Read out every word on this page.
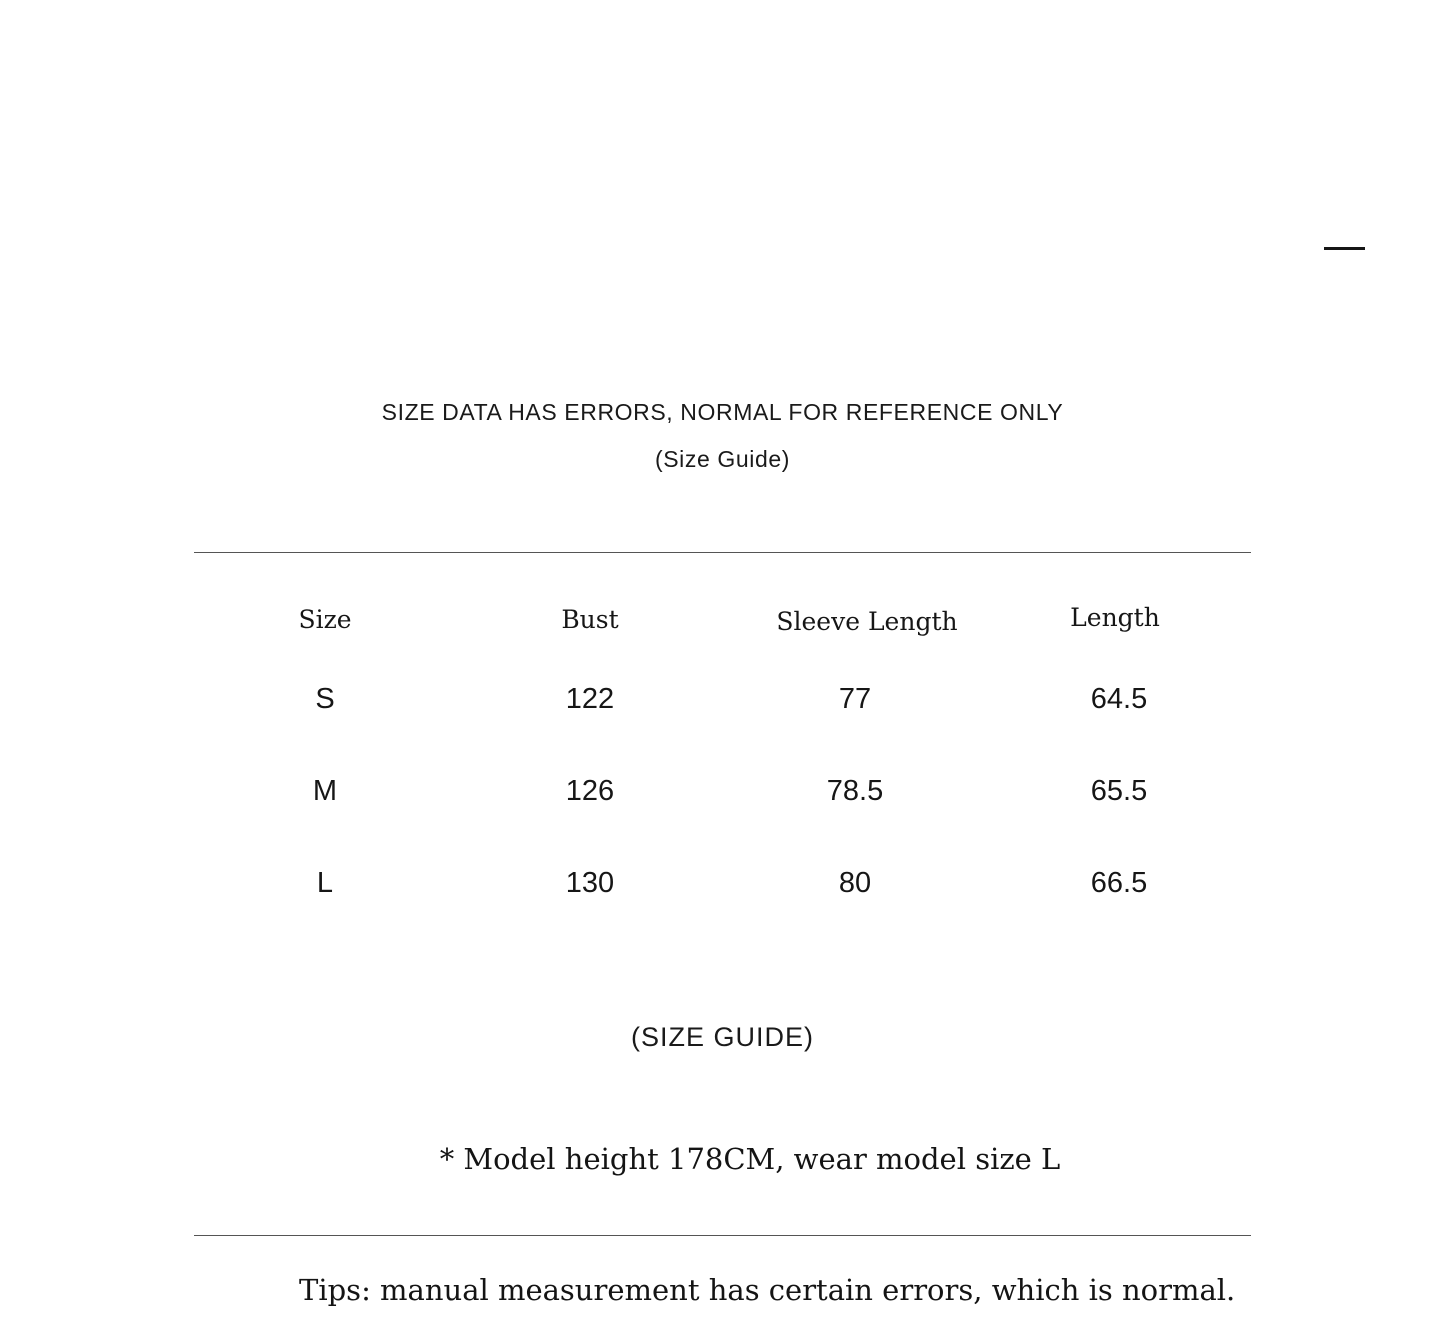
SIZE DATA HAS ERRORS, NORMAL FOR REFERENCE ONLY
(Size Guide)
Size	Bust	Sleeve Length	Length
S	122	77	64.5
M	126	78.5	65.5
L	130	80	66.5
(SIZE GUIDE)
* Model height 178CM, wear model size L
Tips: manual measurement has certain errors, which is normal.
